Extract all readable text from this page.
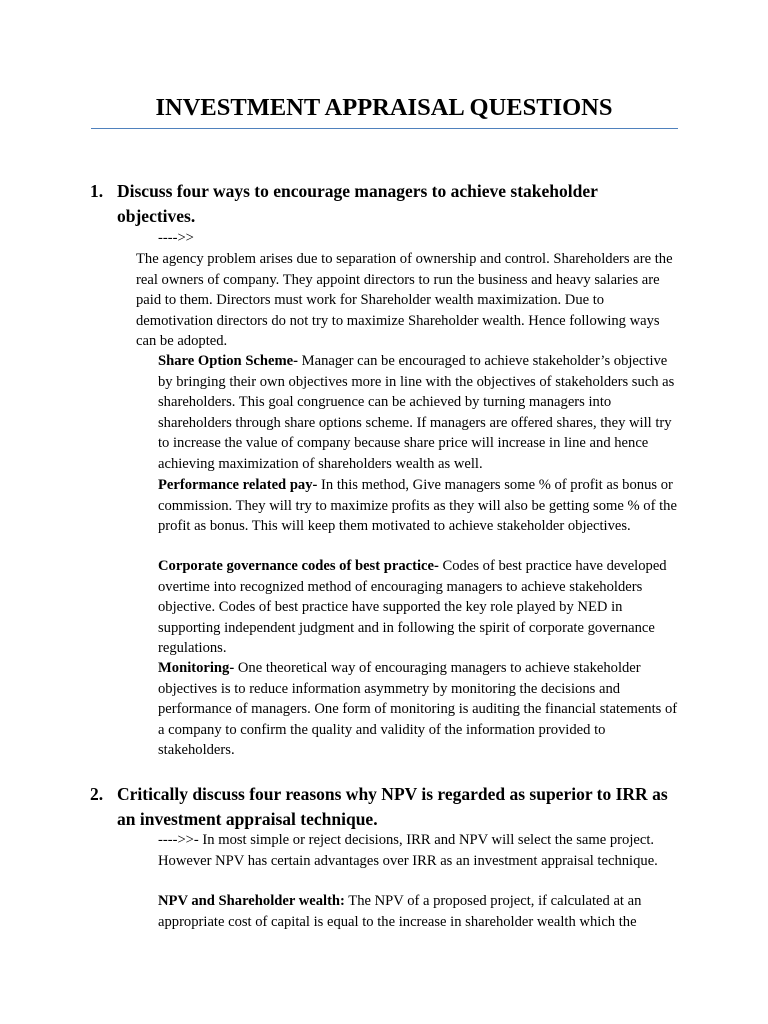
INVESTMENT APPRAISAL QUESTIONS
1. Discuss four ways to encourage managers to achieve stakeholder objectives.

---->>

The agency problem arises due to separation of ownership and control. Shareholders are the real owners of company. They appoint directors to run the business and heavy salaries are paid to them. Directors must work for Shareholder wealth maximization. Due to demotivation directors do not try to maximize Shareholder wealth. Hence following ways can be adopted.

Share Option Scheme- Manager can be encouraged to achieve stakeholder’s objective by bringing their own objectives more in line with the objectives of stakeholders such as shareholders. This goal congruence can be achieved by turning managers into shareholders through share options scheme. If managers are offered shares, they will try to increase the value of company because share price will increase in line and hence achieving maximization of shareholders wealth as well.

Performance related pay- In this method, Give managers some % of profit as bonus or commission. They will try to maximize profits as they will also be getting some % of the profit as bonus. This will keep them motivated to achieve stakeholder objectives.

Corporate governance codes of best practice- Codes of best practice have developed overtime into recognized method of encouraging managers to achieve stakeholders objective. Codes of best practice have supported the key role played by NED in supporting independent judgment and in following the spirit of corporate governance regulations.

Monitoring- One theoretical way of encouraging managers to achieve stakeholder objectives is to reduce information asymmetry by monitoring the decisions and performance of managers. One form of monitoring is auditing the financial statements of a company to confirm the quality and validity of the information provided to stakeholders.

2. Critically discuss four reasons why NPV is regarded as superior to IRR as an investment appraisal technique.

---->>- In most simple or reject decisions, IRR and NPV will select the same project. However NPV has certain advantages over IRR as an investment appraisal technique.

NPV and Shareholder wealth: The NPV of a proposed project, if calculated at an appropriate cost of capital is equal to the increase in shareholder wealth which the
